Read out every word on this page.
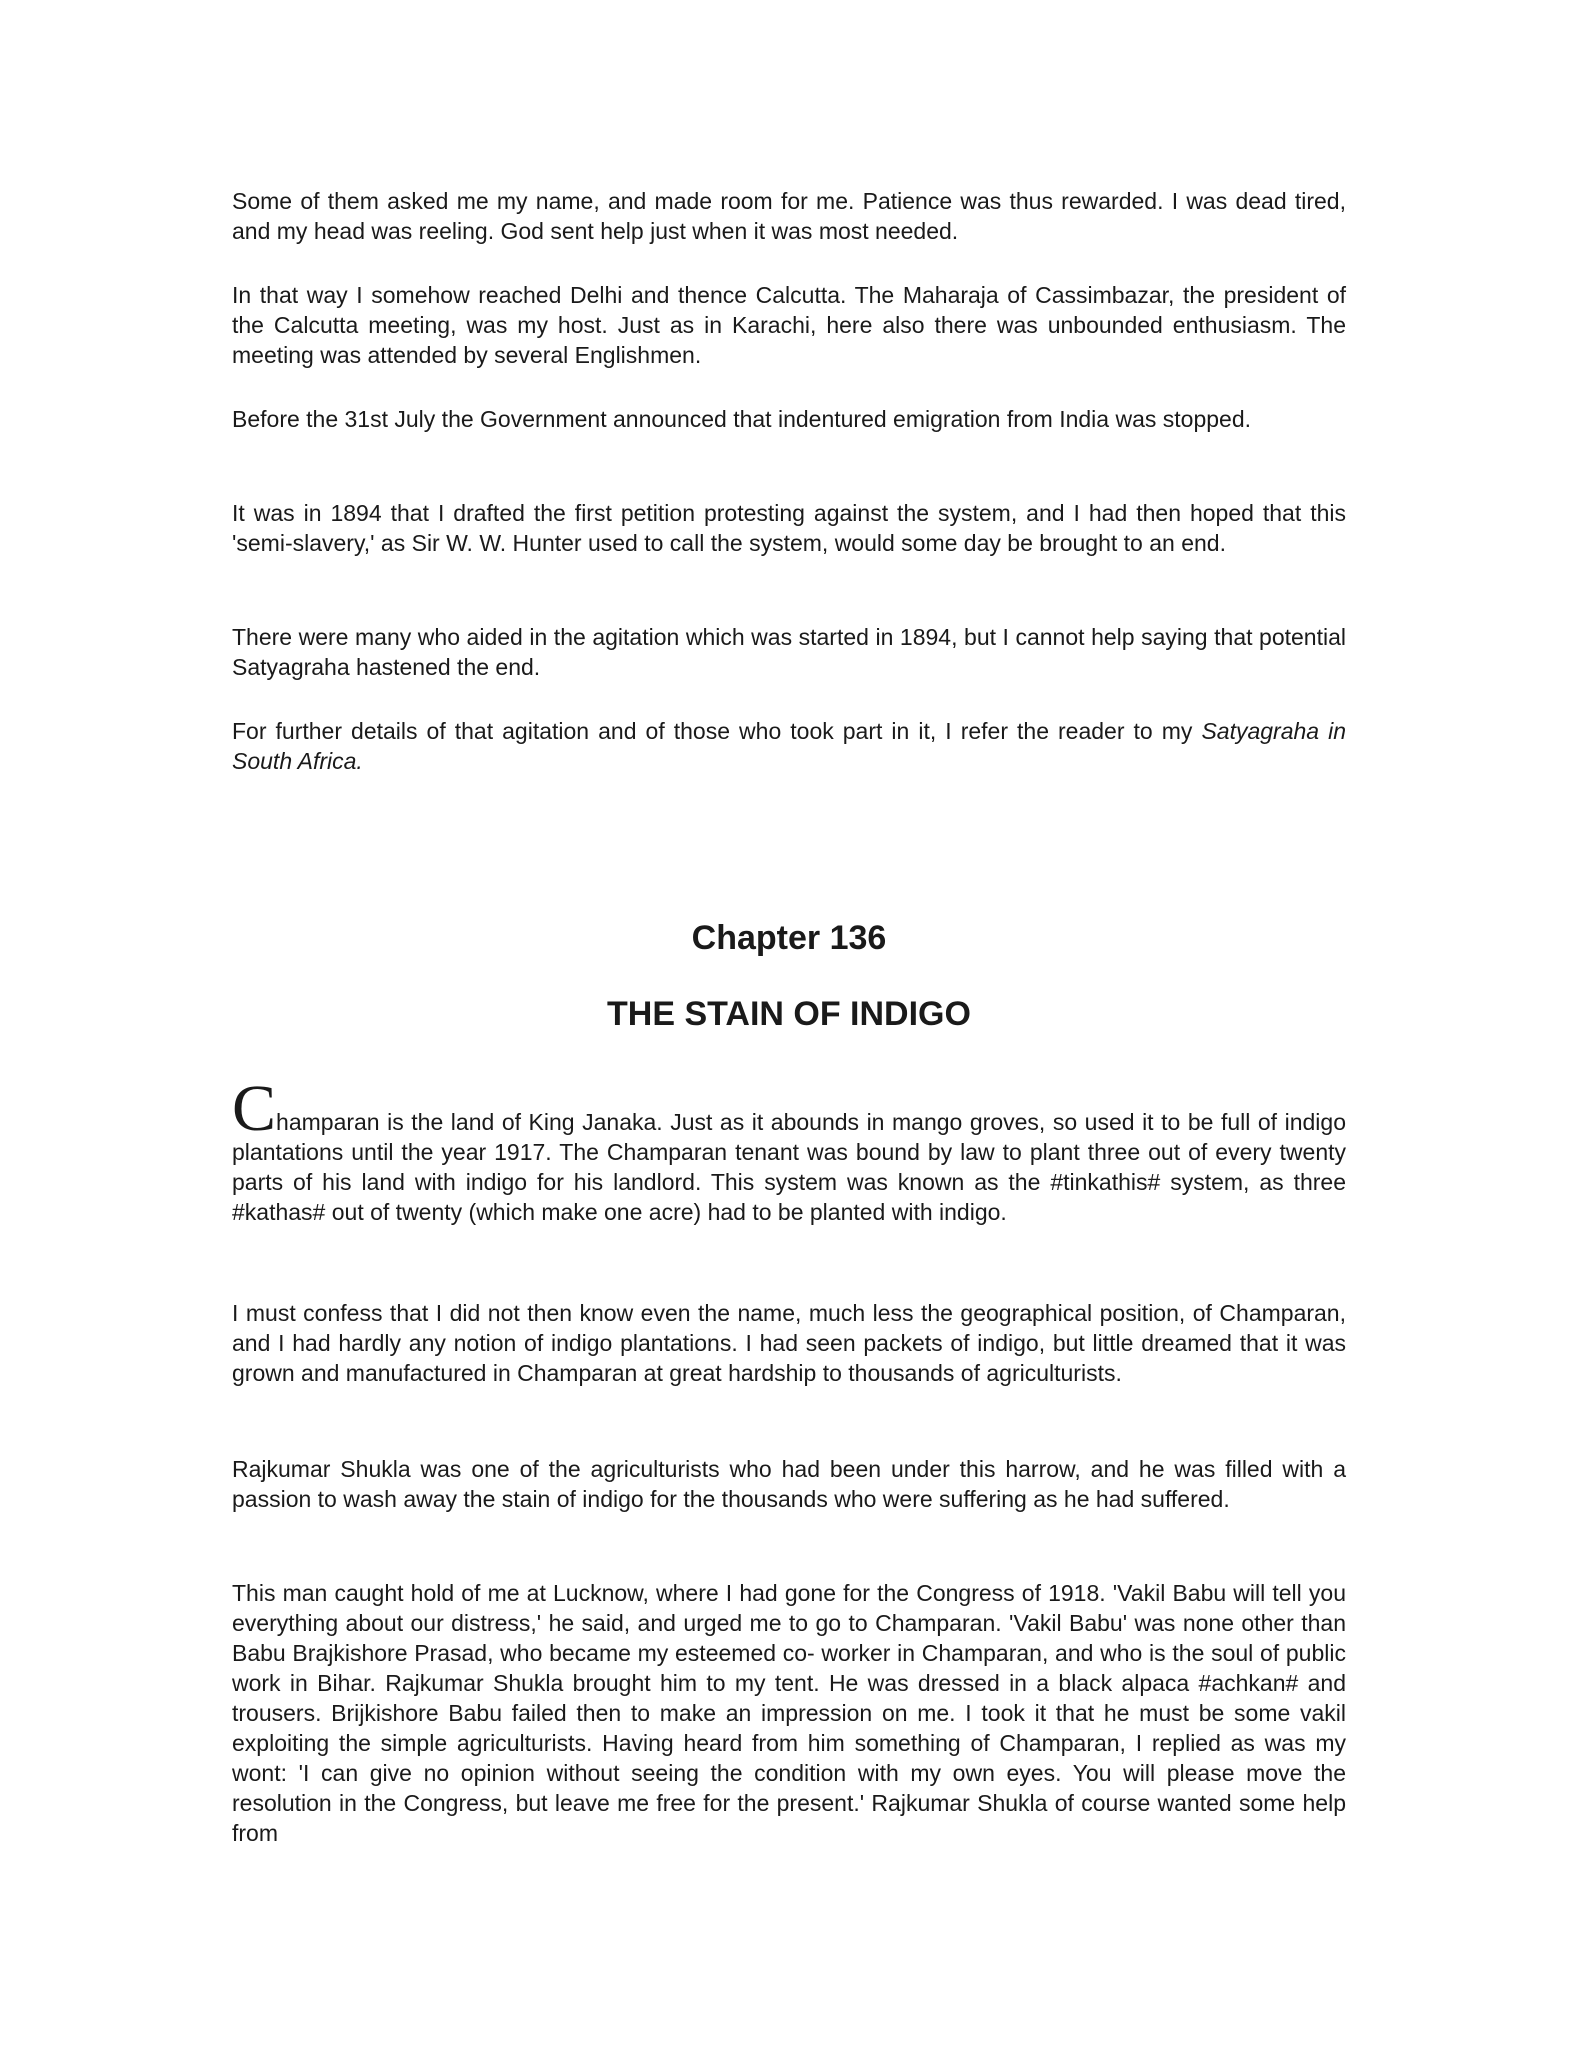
Some of them asked me my name, and made room for me. Patience was thus rewarded. I was dead tired, and my head was reeling. God sent help just when it was most needed.

In that way I somehow reached Delhi and thence Calcutta. The Maharaja of Cassimbazar, the president of the Calcutta meeting, was my host. Just as in Karachi, here also there was unbounded enthusiasm. The meeting was attended by several Englishmen.

Before the 31st July the Government announced that indentured emigration from India was stopped.

It was in 1894 that I drafted the first petition protesting against the system, and I had then hoped that this 'semi-slavery,' as Sir W. W. Hunter used to call the system, would some day be brought to an end.

There were many who aided in the agitation which was started in 1894, but I cannot help saying that potential Satyagraha hastened the end.

For further details of that agitation and of those who took part in it, I refer the reader to my Satyagraha in South Africa.

Chapter 136
THE STAIN OF INDIGO

Champaran is the land of King Janaka. Just as it abounds in mango groves, so used it to be full of indigo plantations until the year 1917. The Champaran tenant was bound by law to plant three out of every twenty parts of his land with indigo for his landlord. This system was known as the #tinkathis# system, as three #kathas# out of twenty (which make one acre) had to be planted with indigo.

I must confess that I did not then know even the name, much less the geographical position, of Champaran, and I had hardly any notion of indigo plantations. I had seen packets of indigo, but little dreamed that it was grown and manufactured in Champaran at great hardship to thousands of agriculturists.

Rajkumar Shukla was one of the agriculturists who had been under this harrow, and he was filled with a passion to wash away the stain of indigo for the thousands who were suffering as he had suffered.

This man caught hold of me at Lucknow, where I had gone for the Congress of 1918. 'Vakil Babu will tell you everything about our distress,' he said, and urged me to go to Champaran. 'Vakil Babu' was none other than Babu Brajkishore Prasad, who became my esteemed co- worker in Champaran, and who is the soul of public work in Bihar. Rajkumar Shukla brought him to my tent. He was dressed in a black alpaca #achkan# and trousers. Brijkishore Babu failed then to make an impression on me. I took it that he must be some vakil exploiting the simple agriculturists. Having heard from him something of Champaran, I replied as was my wont: 'I can give no opinion without seeing the condition with my own eyes. You will please move the resolution in the Congress, but leave me free for the present.' Rajkumar Shukla of course wanted some help from
